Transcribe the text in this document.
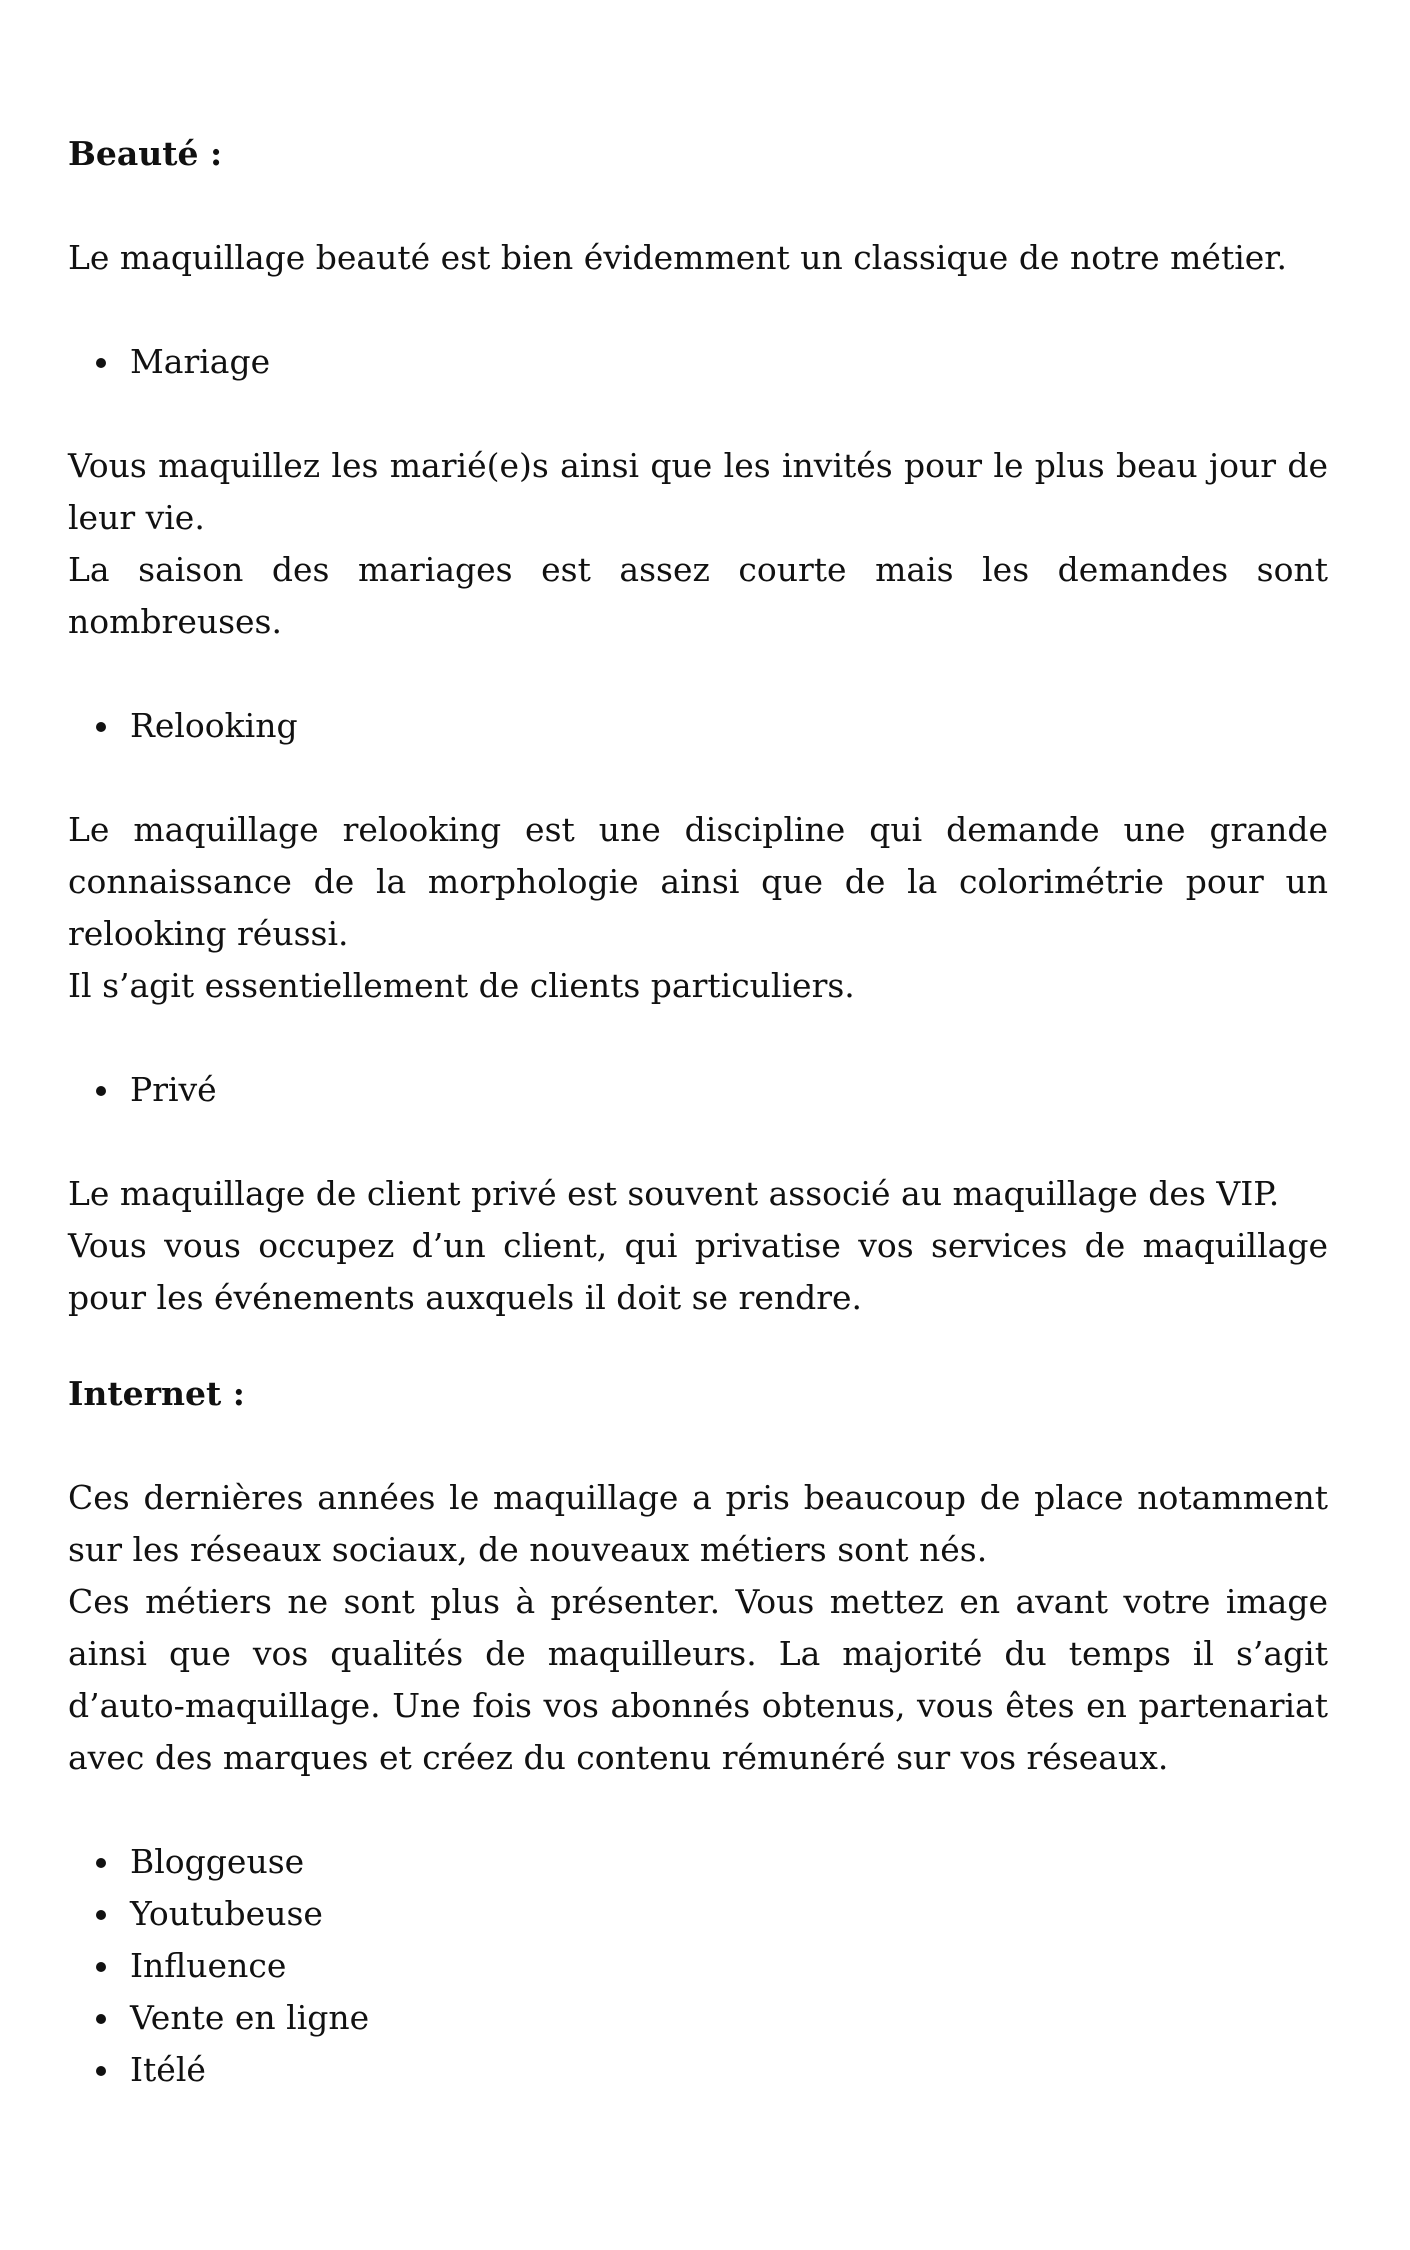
Beauté :

Le maquillage beauté est bien évidemment un classique de notre métier.

Mariage

Vous maquillez les marié(e)s ainsi que les invités pour le plus beau jour de leur vie.

La saison des mariages est assez courte mais les demandes sont nombreuses.

Relooking

Le maquillage relooking est une discipline qui demande une grande connaissance de la morphologie ainsi que de la colorimétrie pour un relooking réussi.

Il s’agit essentiellement de clients particuliers.

Privé

Le maquillage de client privé est souvent associé au maquillage des VIP.

Vous vous occupez d’un client, qui privatise vos services de maquillage pour les événements auxquels il doit se rendre.

Internet :

Ces dernières années le maquillage a pris beaucoup de place notamment sur les réseaux sociaux, de nouveaux métiers sont nés.

Ces métiers ne sont plus à présenter. Vous mettez en avant votre image ainsi que vos qualités de maquilleurs. La majorité du temps il s’agit d’auto-maquillage. Une fois vos abonnés obtenus, vous êtes en partenariat avec des marques et créez du contenu rémunéré sur vos réseaux.

Bloggeuse
Youtubeuse
Influence
Vente en ligne
Itélé
